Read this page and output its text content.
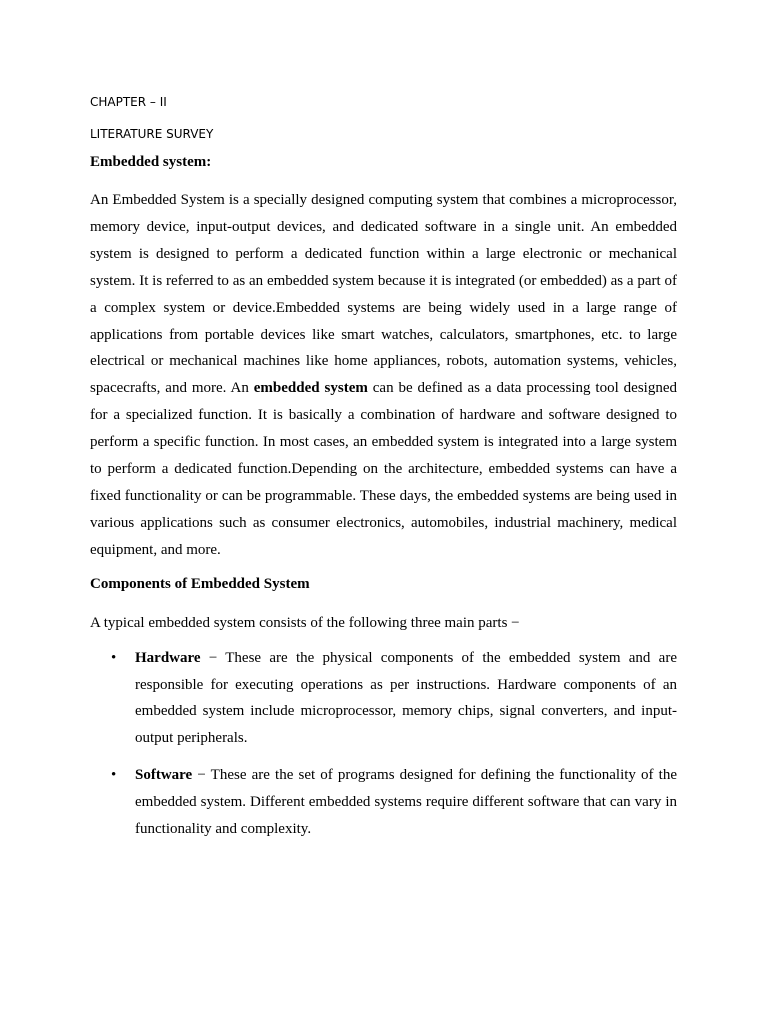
CHAPTER – II

LITERATURE SURVEY

Embedded system:

An Embedded System is a specially designed computing system that combines a microprocessor, memory device, input-output devices, and dedicated software in a single unit. An embedded system is designed to perform a dedicated function within a large electronic or mechanical system. It is referred to as an embedded system because it is integrated (or embedded) as a part of a complex system or device.Embedded systems are being widely used in a large range of applications from portable devices like smart watches, calculators, smartphones, etc. to large electrical or mechanical machines like home appliances, robots, automation systems, vehicles, spacecrafts, and more. An embedded system can be defined as a data processing tool designed for a specialized function. It is basically a combination of hardware and software designed to perform a specific function. In most cases, an embedded system is integrated into a large system to perform a dedicated function.Depending on the architecture, embedded systems can have a fixed functionality or can be programmable. These days, the embedded systems are being used in various applications such as consumer electronics, automobiles, industrial machinery, medical equipment, and more.

Components of Embedded System

A typical embedded system consists of the following three main parts −

• Hardware − These are the physical components of the embedded system and are responsible for executing operations as per instructions. Hardware components of an embedded system include microprocessor, memory chips, signal converters, and input-output peripherals.

• Software − These are the set of programs designed for defining the functionality of the embedded system. Different embedded systems require different software that can vary in functionality and complexity.
